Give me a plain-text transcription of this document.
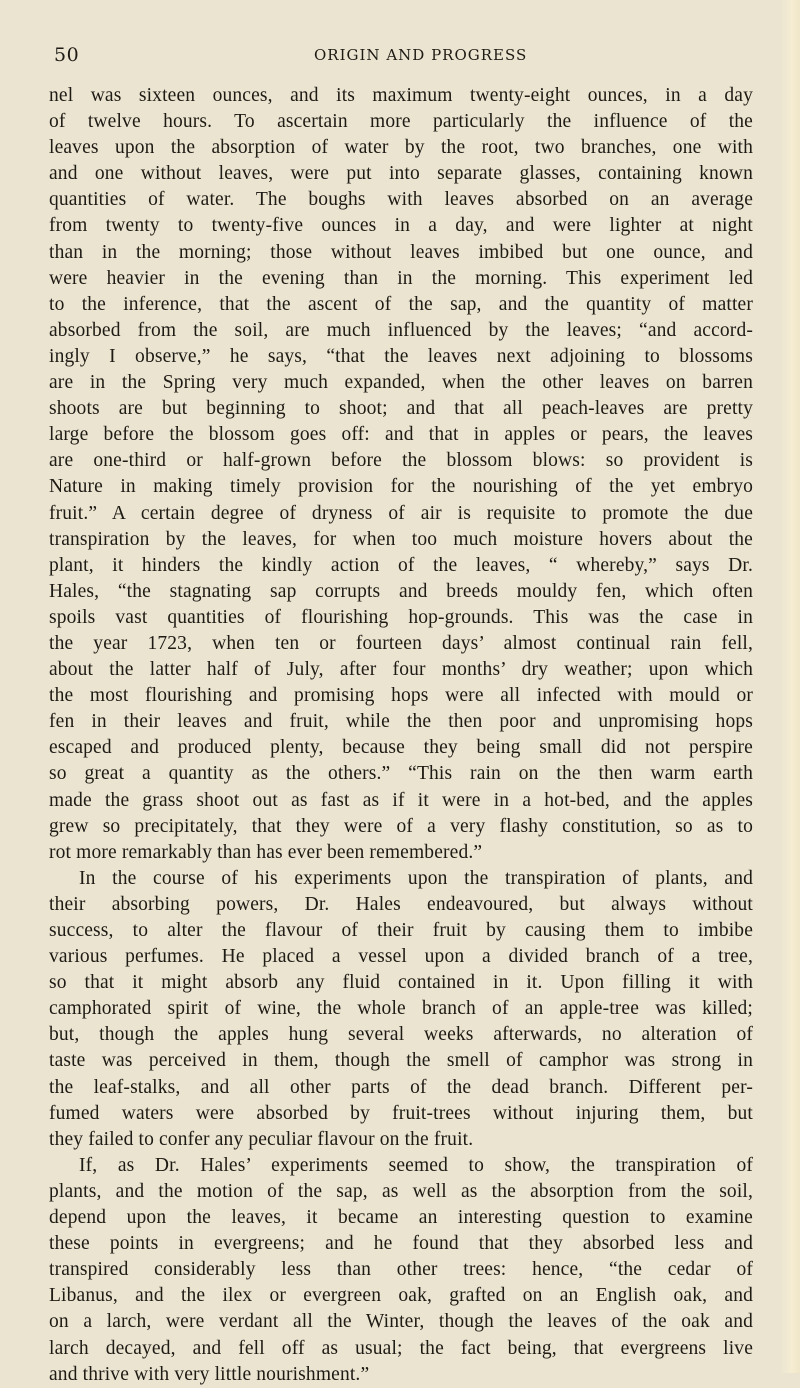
50	ORIGIN AND PROGRESS
nel was sixteen ounces, and its maximum twenty-eight ounces, in a day
of twelve hours. To ascertain more particularly the influence of the
leaves upon the absorption of water by the root, two branches, one with
and one without leaves, were put into separate glasses, containing known
quantities of water. The boughs with leaves absorbed on an average
from twenty to twenty-five ounces in a day, and were lighter at night
than in the morning; those without leaves imbibed but one ounce, and
were heavier in the evening than in the morning. This experiment led
to the inference, that the ascent of the sap, and the quantity of matter
absorbed from the soil, are much influenced by the leaves; “and accord-
ingly I observe,” he says, “that the leaves next adjoining to blossoms
are in the Spring very much expanded, when the other leaves on barren
shoots are but beginning to shoot; and that all peach-leaves are pretty
large before the blossom goes off: and that in apples or pears, the leaves
are one-third or half-grown before the blossom blows: so provident is
Nature in making timely provision for the nourishing of the yet embryo
fruit.” A certain degree of dryness of air is requisite to promote the due
transpiration by the leaves, for when too much moisture hovers about the
plant, it hinders the kindly action of the leaves, “ whereby,” says Dr.
Hales, “the stagnating sap corrupts and breeds mouldy fen, which often
spoils vast quantities of flourishing hop-grounds. This was the case in
the year 1723, when ten or fourteen days’ almost continual rain fell,
about the latter half of July, after four months’ dry weather; upon which
the most flourishing and promising hops were all infected with mould or
fen in their leaves and fruit, while the then poor and unpromising hops
escaped and produced plenty, because they being small did not perspire
so great a quantity as the others.” “This rain on the then warm earth
made the grass shoot out as fast as if it were in a hot-bed, and the apples
grew so precipitately, that they were of a very flashy constitution, so as to
rot more remarkably than has ever been remembered.”
In the course of his experiments upon the transpiration of plants, and
their absorbing powers, Dr. Hales endeavoured, but always without
success, to alter the flavour of their fruit by causing them to imbibe
various perfumes. He placed a vessel upon a divided branch of a tree,
so that it might absorb any fluid contained in it. Upon filling it with
camphorated spirit of wine, the whole branch of an apple-tree was killed;
but, though the apples hung several weeks afterwards, no alteration of
taste was perceived in them, though the smell of camphor was strong in
the leaf-stalks, and all other parts of the dead branch. Different per-
fumed waters were absorbed by fruit-trees without injuring them, but
they failed to confer any peculiar flavour on the fruit.
If, as Dr. Hales’ experiments seemed to show, the transpiration of
plants, and the motion of the sap, as well as the absorption from the soil,
depend upon the leaves, it became an interesting question to examine
these points in evergreens; and he found that they absorbed less and
transpired considerably less than other trees: hence, “the cedar of
Libanus, and the ilex or evergreen oak, grafted on an English oak, and
on a larch, were verdant all the Winter, though the leaves of the oak and
larch decayed, and fell off as usual; the fact being, that evergreens live
and thrive with very little nourishment.”
